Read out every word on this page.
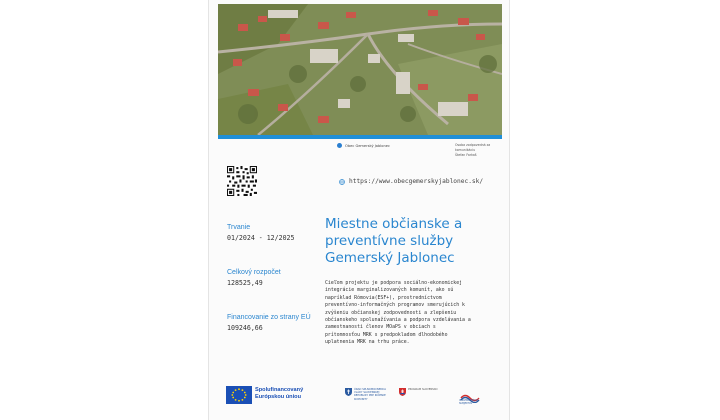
Obec Gemerský Jablonec	Osoba zodpovedná za komunikáciu
Štefan Farkaš
https://www.obecgemerskyjablonec.sk/
Trvanie
01/2024 - 12/2025
Celkový rozpočet
128525,49
Financovanie zo strany EÚ
109246,66
Miestne občianske a
preventívne služby
Gemerský Jablonec
Cieľom projektu je podpora sociálno-ekonomickej
integrácie marginalizovaných komunít, ako sú
napríklad Rómovia(ESF+), prostredníctvom
preventívno-informačných programov smerujúcich k
zvýšeniu občianskej zodpovednosti a zlepšeniu
občianskeho spolunažívania a podpora vzdelávania a
zamestnanosti členov MOaPS v obciach s
prítomnosťou MRK s predpokladom dlhodobého
uplatnenia MRK na trhu práce.
Spolufinancovaný
Európskou úniou
ÚRAD SPLNOMOCNENCA VLÁDY SLOVENSKEJ REPUBLIKY PRE RÓMSKE KOMUNITY
PROGRAM SLOVENSKO
IMPLEMENTÁCIA SUBJEKTOV
